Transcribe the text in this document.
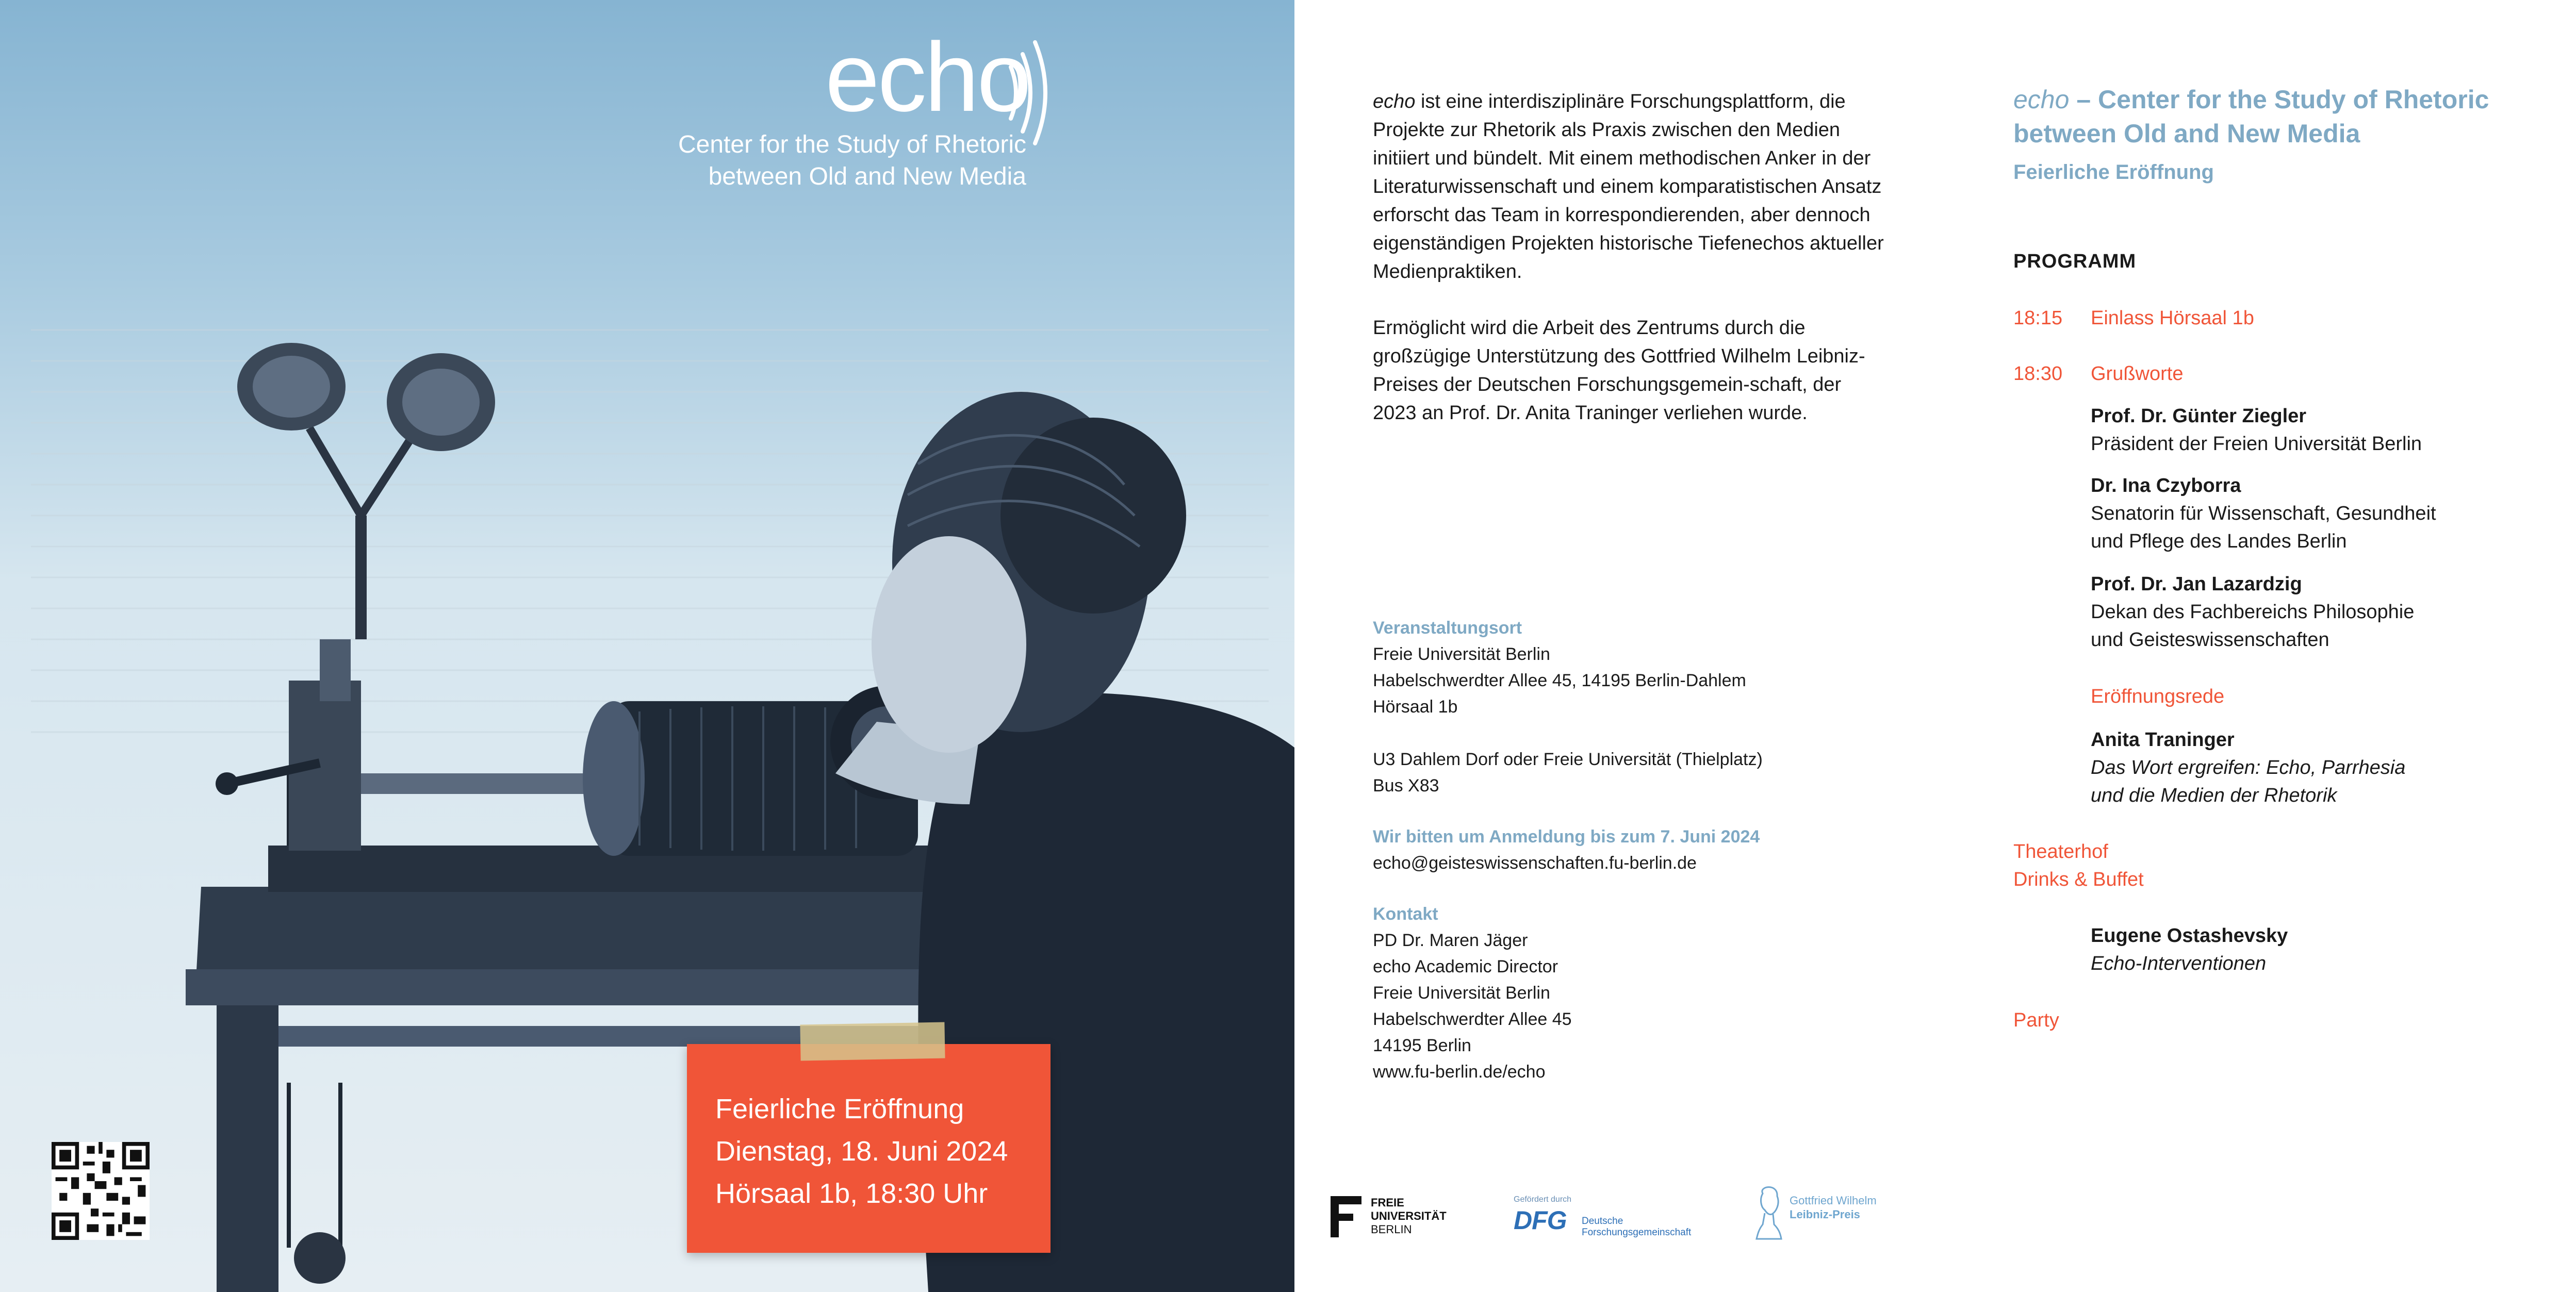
echo
Center for the Study of Rhetoric
between Old and New Media
Feierliche Eröffnung
Dienstag, 18. Juni 2024
Hörsaal 1b, 18:30 Uhr

echo ist eine interdisziplinäre Forschungsplattform, die Projekte zur Rhetorik als Praxis zwischen den Medien initiiert und bündelt. Mit einem methodischen Anker in der Literaturwissenschaft und einem komparatistischen Ansatz erforscht das Team in korrespondierenden, aber dennoch eigenständigen Projekten historische Tiefenechos aktueller Medienpraktiken.

Ermöglicht wird die Arbeit des Zentrums durch die großzügige Unterstützung des Gottfried Wilhelm Leibniz-Preises der Deutschen Forschungsgemein-schaft, der 2023 an Prof. Dr. Anita Traninger verliehen wurde.

Veranstaltungsort
Freie Universität Berlin
Habelschwerdter Allee 45, 14195 Berlin-Dahlem
Hörsaal 1b
U3 Dahlem Dorf oder Freie Universität (Thielplatz)
Bus X83
Wir bitten um Anmeldung bis zum 7. Juni 2024
echo@geisteswissenschaften.fu-berlin.de
Kontakt
PD Dr. Maren Jäger
echo Academic Director
Freie Universität Berlin
Habelschwerdter Allee 45
14195 Berlin
www.fu-berlin.de/echo
FREIE
UNIVERSITÄT
BERLIN
Gefördert durch
DFG Deutsche
Forschungsgemeinschaft
Gottfried Wilhelm
Leibniz-Preis
echo – Center for the Study of Rhetoric
between Old and New Media
Feierliche Eröffnung
PROGRAMM
18:15 Einlass Hörsaal 1b
18:30 Grußworte
Prof. Dr. Günter Ziegler
Präsident der Freien Universität Berlin
Dr. Ina Czyborra
Senatorin für Wissenschaft, Gesundheit
und Pflege des Landes Berlin
Prof. Dr. Jan Lazardzig
Dekan des Fachbereichs Philosophie
und Geisteswissenschaften
Eröffnungsrede
Anita Traninger
Das Wort ergreifen: Echo, Parrhesia
und die Medien der Rhetorik
Theaterhof
Drinks & Buffet
Eugene Ostashevsky
Echo-Interventionen
Party
